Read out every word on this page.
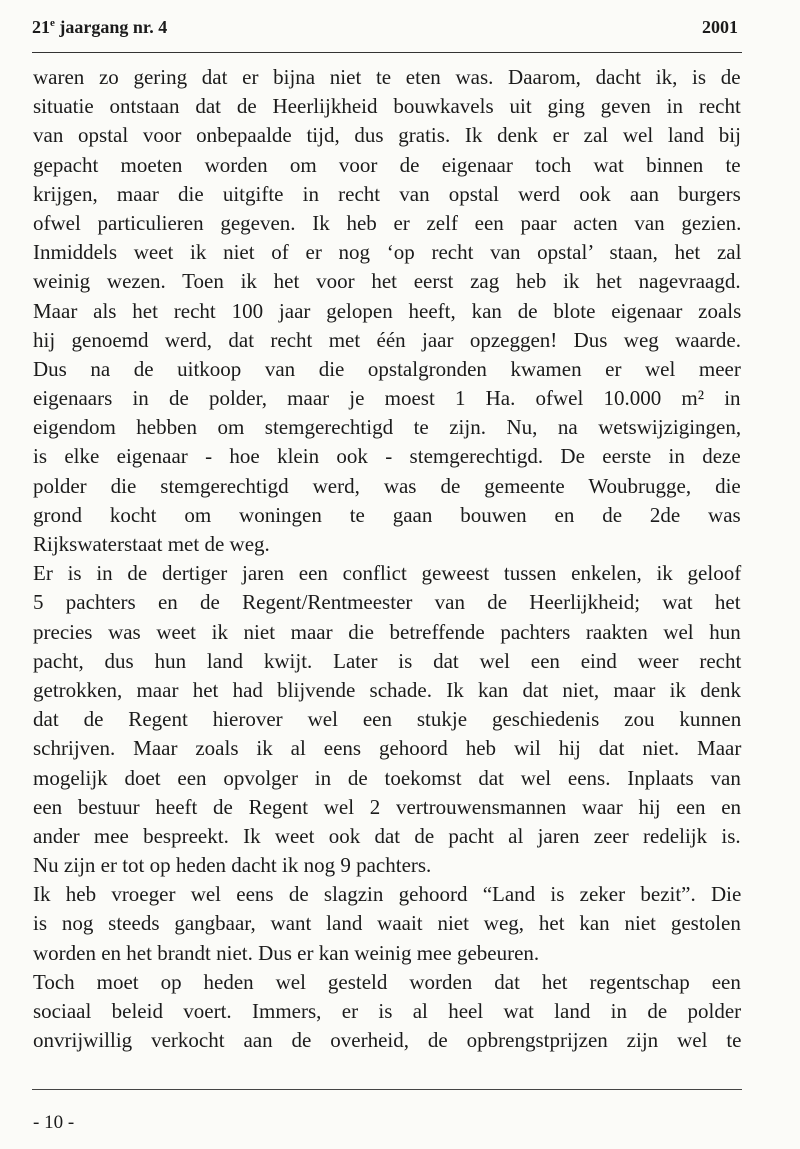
21e jaargang nr. 4	2001
waren zo gering dat er bijna niet te eten was. Daarom, dacht ik, is de
situatie ontstaan dat de Heerlijkheid bouwkavels uit ging geven in recht
van opstal voor onbepaalde tijd, dus gratis. Ik denk er zal wel land bij
gepacht moeten worden om voor de eigenaar toch wat binnen te
krijgen, maar die uitgifte in recht van opstal werd ook aan burgers
ofwel particulieren gegeven. Ik heb er zelf een paar acten van gezien.
Inmiddels weet ik niet of er nog ‘op recht van opstal’ staan, het zal
weinig wezen. Toen ik het voor het eerst zag heb ik het nagevraagd.
Maar als het recht 100 jaar gelopen heeft, kan de blote eigenaar zoals
hij genoemd werd, dat recht met één jaar opzeggen! Dus weg waarde.
Dus na de uitkoop van die opstalgronden kwamen er wel meer
eigenaars in de polder, maar je moest 1 Ha. ofwel 10.000 m² in
eigendom hebben om stemgerechtigd te zijn. Nu, na wetswijzigingen,
is elke eigenaar - hoe klein ook - stemgerechtigd. De eerste in deze
polder die stemgerechtigd werd, was de gemeente Woubrugge, die
grond kocht om woningen te gaan bouwen en de 2de was
Rijkswaterstaat met de weg.
Er is in de dertiger jaren een conflict geweest tussen enkelen, ik geloof
5 pachters en de Regent/Rentmeester van de Heerlijkheid; wat het
precies was weet ik niet maar die betreffende pachters raakten wel hun
pacht, dus hun land kwijt. Later is dat wel een eind weer recht
getrokken, maar het had blijvende schade. Ik kan dat niet, maar ik denk
dat de Regent hierover wel een stukje geschiedenis zou kunnen
schrijven. Maar zoals ik al eens gehoord heb wil hij dat niet. Maar
mogelijk doet een opvolger in de toekomst dat wel eens. Inplaats van
een bestuur heeft de Regent wel 2 vertrouwensmannen waar hij een en
ander mee bespreekt. Ik weet ook dat de pacht al jaren zeer redelijk is.
Nu zijn er tot op heden dacht ik nog 9 pachters.
Ik heb vroeger wel eens de slagzin gehoord “Land is zeker bezit”. Die
is nog steeds gangbaar, want land waait niet weg, het kan niet gestolen
worden en het brandt niet. Dus er kan weinig mee gebeuren.
Toch moet op heden wel gesteld worden dat het regentschap een
sociaal beleid voert. Immers, er is al heel wat land in de polder
onvrijwillig verkocht aan de overheid, de opbrengstprijzen zijn wel te
- 10 -
